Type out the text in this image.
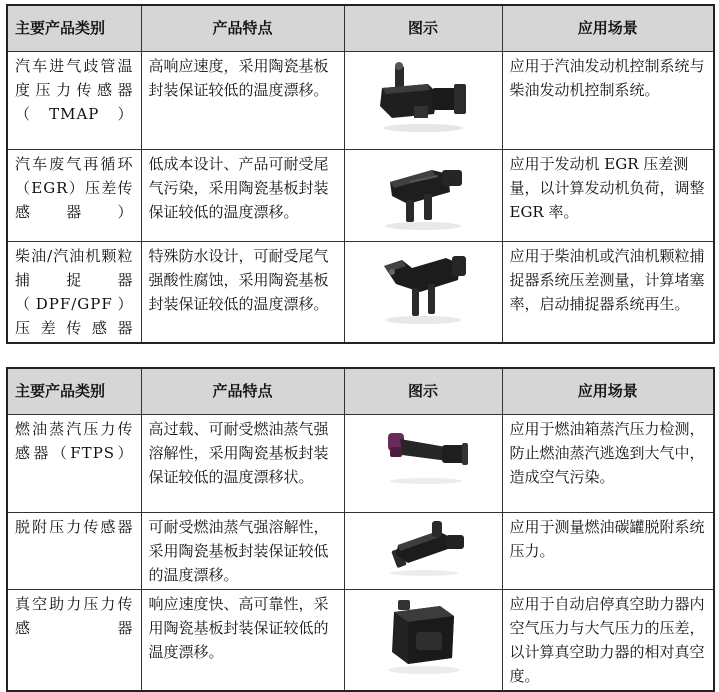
主要产品类别	产品特点	图示	应用场景
汽车进气歧管温度压力传感器（TMAP）	高响应速度，采用陶瓷基板封装保证较低的温度漂移。		应用于汽油发动机控制系统与柴油发动机控制系统。
汽车废气再循环（EGR）压差传感器）	低成本设计、产品可耐受尾气污染，采用陶瓷基板封装保证较低的温度漂移。		应用于发动机 EGR 压差测量，以计算发动机负荷，调整 EGR 率。
柴油/汽油机颗粒捕捉器（DPF/GPF）压差传感器	特殊防水设计，可耐受尾气强酸性腐蚀，采用陶瓷基板封装保证较低的温度漂移。		应用于柴油机或汽油机颗粒捕捉器系统压差测量，计算堵塞率，启动捕捉器系统再生。
主要产品类别	产品特点	图示	应用场景
燃油蒸汽压力传感器（FTPS）	高过载、可耐受燃油蒸气强溶解性，采用陶瓷基板封装保证较低的温度漂移状。		应用于燃油箱蒸汽压力检测，防止燃油蒸汽逃逸到大气中，造成空气污染。
脱附压力传感器	可耐受燃油蒸气强溶解性，采用陶瓷基板封装保证较低的温度漂移。		应用于测量燃油碳罐脱附系统压力。
真空助力压力传感器	响应速度快、高可靠性，采用陶瓷基板封装保证较低的温度漂移。		应用于自动启停真空助力器内空气压力与大气压力的压差，以计算真空助力器的相对真空度。
